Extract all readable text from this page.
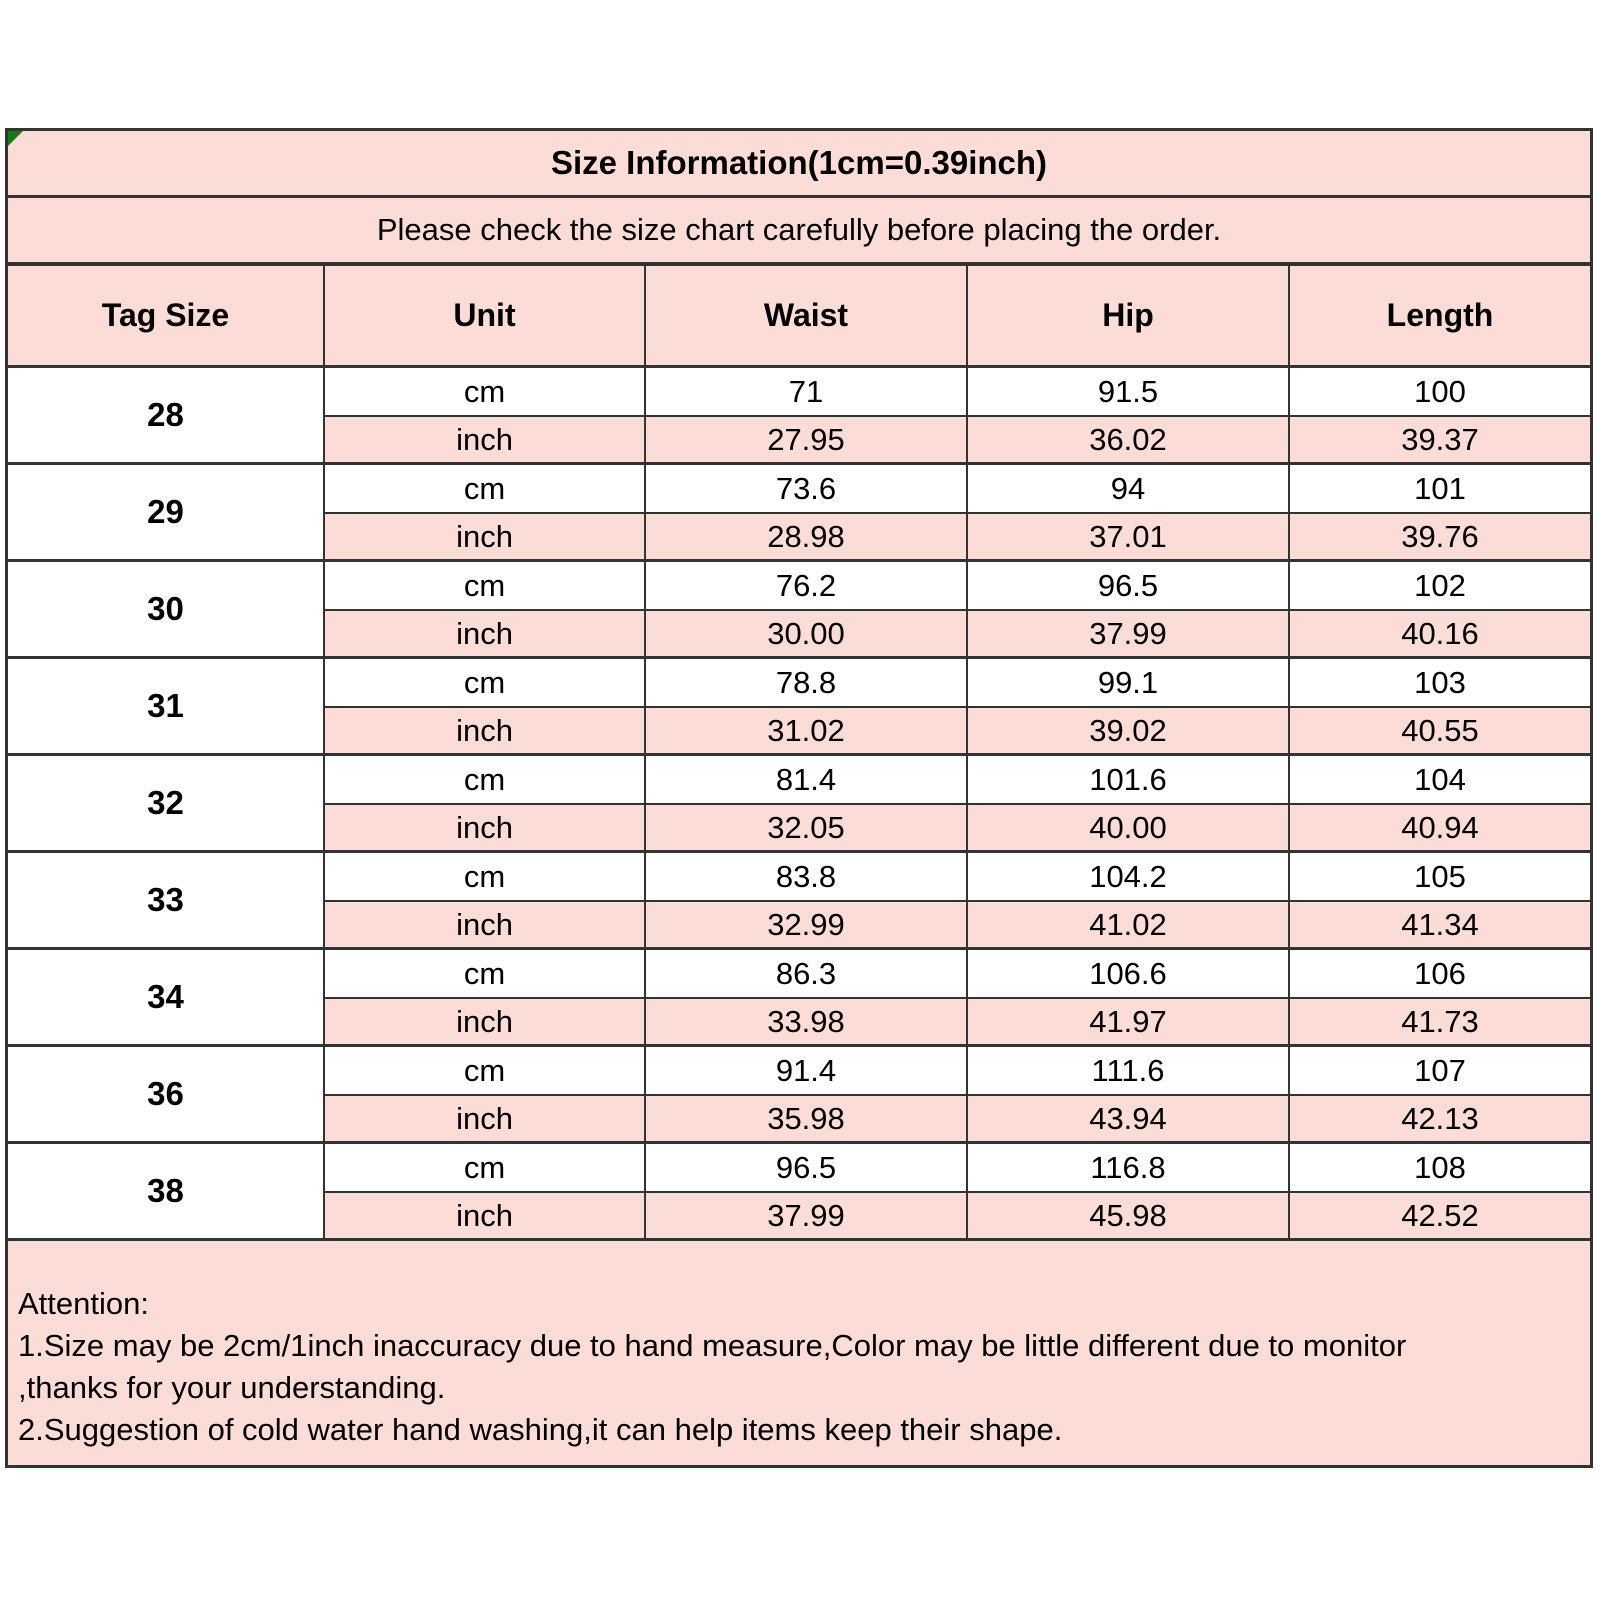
Size Information(1cm=0.39inch)
Please check the size chart carefully before placing the order.
Tag Size	Unit	Waist	Hip	Length
28
cm	71	91.5	100
inch	27.95	36.02	39.37
29
cm	73.6	94	101
inch	28.98	37.01	39.76
30
cm	76.2	96.5	102
inch	30.00	37.99	40.16
31
cm	78.8	99.1	103
inch	31.02	39.02	40.55
32
cm	81.4	101.6	104
inch	32.05	40.00	40.94
33
cm	83.8	104.2	105
inch	32.99	41.02	41.34
34
cm	86.3	106.6	106
inch	33.98	41.97	41.73
36
cm	91.4	111.6	107
inch	35.98	43.94	42.13
38
cm	96.5	116.8	108
inch	37.99	45.98	42.52
Attention:
1.Size may be 2cm/1inch inaccuracy due to hand measure,Color may be little different due to monitor
,thanks for your understanding.
2.Suggestion of cold water hand washing,it can help items keep their shape.
